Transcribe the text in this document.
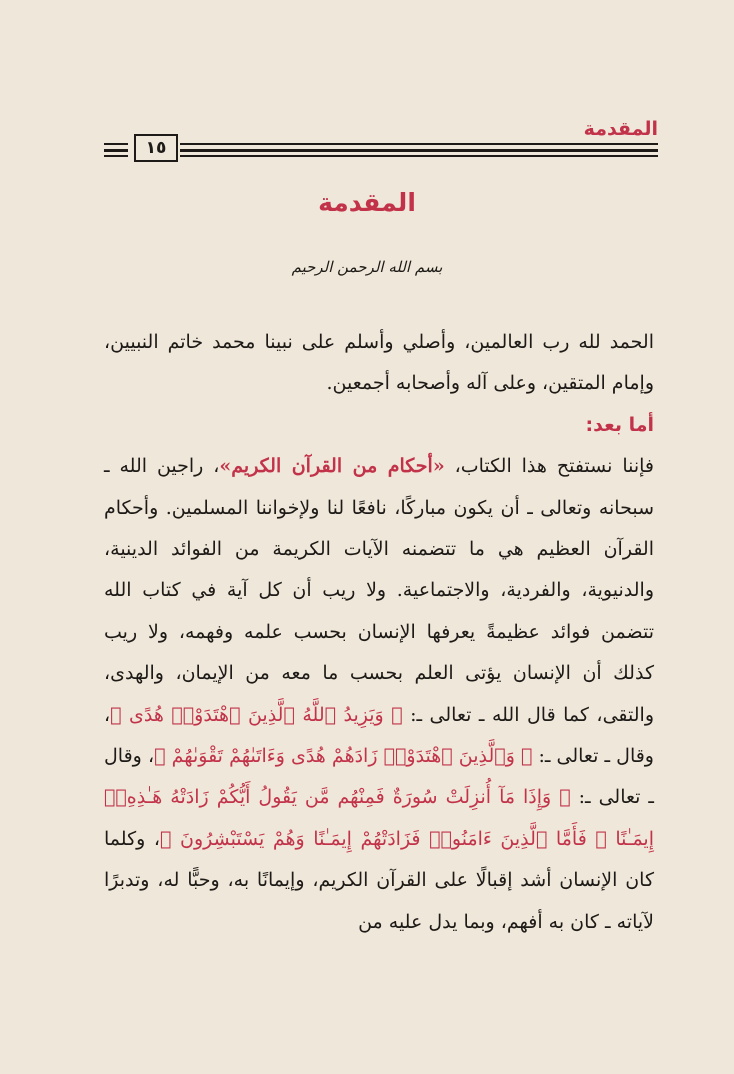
١٥
المقدمة
المقدمة
بسم الله الرحمن الرحيم

الحمد لله رب العالمين، وأصلي وأسلم على نبينا محمد خاتم النبيين، وإمام المتقين، وعلى آله وأصحابه أجمعين.

أما بعد:

فإننا نستفتح هذا الكتاب، «أحكام من القرآن الكريم»، راجين الله ـ سبحانه وتعالى ـ أن يكون مباركًا، نافعًا لنا ولإخواننا المسلمين. وأحكام القرآن العظيم هي ما تتضمنه الآيات الكريمة من الفوائد الدينية، والدنيوية، والفردية، والاجتماعية. ولا ريب أن كل آية في كتاب الله تتضمن فوائد عظيمةً يعرفها الإنسان بحسب علمه وفهمه، ولا ريب كذلك أن الإنسان يؤتى العلم بحسب ما معه من الإيمان، والهدى، والتقى، كما قال الله ـ تعالى ـ: ﴿ وَيَزِيدُ ٱللَّهُ ٱلَّذِينَ ٱهْتَدَوْا۟ هُدًى ﴾، وقال ـ تعالى ـ: ﴿ وَٱلَّذِينَ ٱهْتَدَوْا۟ زَادَهُمْ هُدًى وَءَاتَىٰهُمْ تَقْوَىٰهُمْ ﴾، وقال ـ تعالى ـ: ﴿ وَإِذَا مَآ أُنزِلَتْ سُورَةٌ فَمِنْهُم مَّن يَقُولُ أَيُّكُمْ زَادَتْهُ هَـٰذِهِۦٓ إِيمَـٰنًا ۚ فَأَمَّا ٱلَّذِينَ ءَامَنُوا۟ فَزَادَتْهُمْ إِيمَـٰنًا وَهُمْ يَسْتَبْشِرُونَ ﴾، وكلما كان الإنسان أشد إقبالًا على القرآن الكريم، وإيمانًا به، وحبًّا له، وتدبرًا لآياته ـ كان به أفهم، وبما يدل عليه من
